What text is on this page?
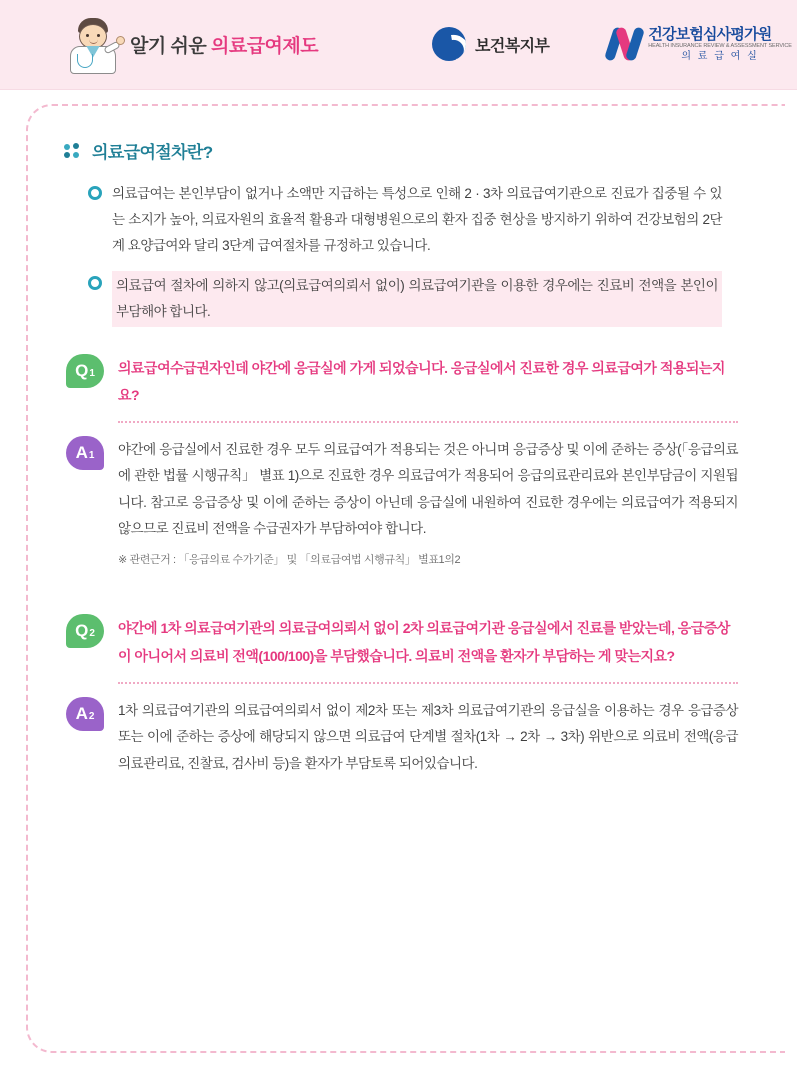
알기 쉬운 의료급여제도	보건복지부
건강보험심사평가원
HEALTH INSURANCE REVIEW & ASSESSMENT SERVICE
의 료 급 여 실
의료급여절차란?
의료급여는 본인부담이 없거나 소액만 지급하는 특성으로 인해 2 · 3차 의료급여기관으로 진료가 집중될 수 있는 소지가 높아, 의료자원의 효율적 활용과 대형병원으로의 환자 집중 현상을 방지하기 위하여 건강보험의 2단계 요양급여와 달리 3단계 급여절차를 규정하고 있습니다.
의료급여 절차에 의하지 않고(의료급여의뢰서 없이) 의료급여기관을 이용한 경우에는 진료비 전액을 본인이 부담해야 합니다.
Q 1 의료급여수급권자인데 야간에 응급실에 가게 되었습니다. 응급실에서 진료한 경우 의료급여가 적용되는지요?
A 1 야간에 응급실에서 진료한 경우 모두 의료급여가 적용되는 것은 아니며 응급증상 및 이에 준하는 증상(「응급의료에 관한 법률 시행규칙」 별표 1)으로 진료한 경우 의료급여가 적용되어 응급의료관리료와 본인부담금이 지원됩니다. 참고로 응급증상 및 이에 준하는 증상이 아닌데 응급실에 내원하여 진료한 경우에는 의료급여가 적용되지 않으므로 진료비 전액을 수급권자가 부담하여야 합니다.
※ 관련근거 : 「응급의료 수가기준」 및 「의료급여법 시행규칙」 별표1의2
Q 2 야간에 1차 의료급여기관의 의료급여의뢰서 없이 2차 의료급여기관 응급실에서 진료를 받았는데, 응급증상이 아니어서 의료비 전액(100/100)을 부담했습니다. 의료비 전액을 환자가 부담하는 게 맞는지요?
A 2 1차 의료급여기관의 의료급여의뢰서 없이 제2차 또는 제3차 의료급여기관의 응급실을 이용하는 경우 응급증상 또는 이에 준하는 증상에 해당되지 않으면 의료급여 단계별 절차(1차 → 2차 → 3차) 위반으로 의료비 전액(응급의료관리료, 진찰료, 검사비 등)을 환자가 부담토록 되어있습니다.
